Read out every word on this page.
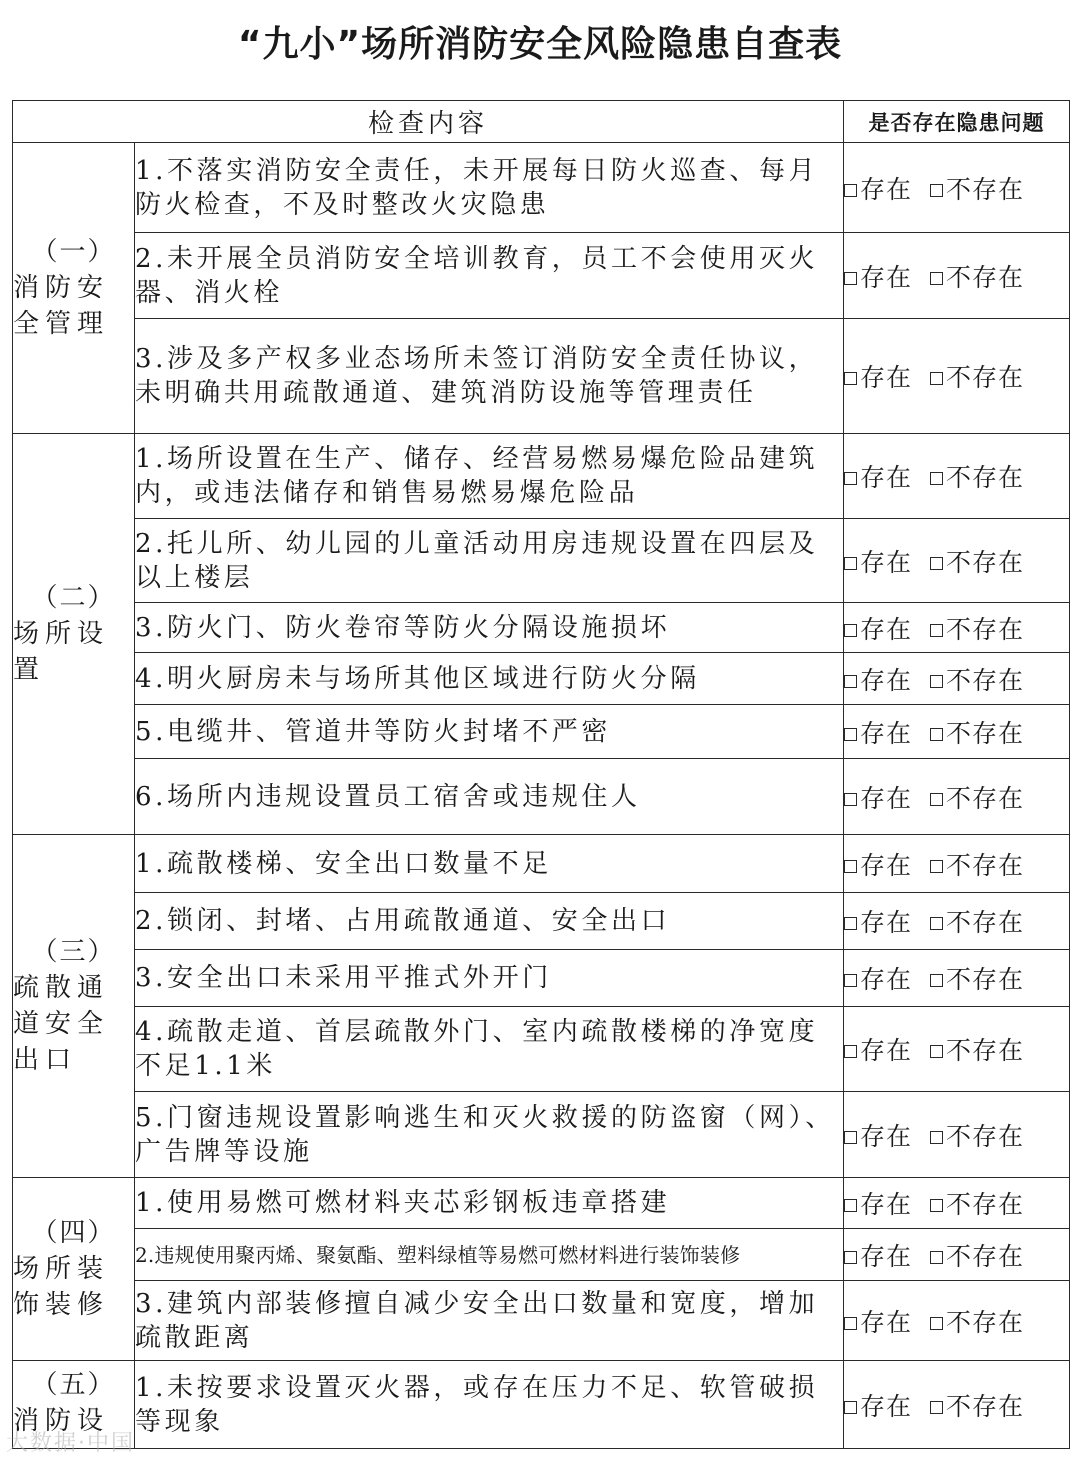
“九小”场所消防安全风险隐患自查表
检查内容		是否存在隐患问题

（一）
消防安全管理	1.不落实消防安全责任，未开展每日防火巡查、每月防火检查，不及时整改火灾隐患	存在 不存在
	2.未开展全员消防安全培训教育，员工不会使用灭火器、消火栓	存在 不存在
	3.涉及多产权多业态场所未签订消防安全责任协议，未明确共用疏散通道、建筑消防设施等管理责任	存在 不存在

（二）
场所设置	1.场所设置在生产、储存、经营易燃易爆危险品建筑内，或违法储存和销售易燃易爆危险品	存在 不存在
	2.托儿所、幼儿园的儿童活动用房违规设置在四层及以上楼层	存在 不存在
	3.防火门、防火卷帘等防火分隔设施损坏	存在 不存在
	4.明火厨房未与场所其他区域进行防火分隔	存在 不存在
	5.电缆井、管道井等防火封堵不严密	存在 不存在
	6.场所内违规设置员工宿舍或违规住人	存在 不存在

（三）
疏散通道安全出口	1.疏散楼梯、安全出口数量不足	存在 不存在
	2.锁闭、封堵、占用疏散通道、安全出口	存在 不存在
	3.安全出口未采用平推式外开门	存在 不存在
	4.疏散走道、首层疏散外门、室内疏散楼梯的净宽度不足1.1米	存在 不存在
	5.门窗违规设置影响逃生和灭火救援的防盗窗（网）、广告牌等设施	存在 不存在

（四）
场所装饰装修	1.使用易燃可燃材料夹芯彩钢板违章搭建	存在 不存在
	2.违规使用聚丙烯、聚氨酯、塑料绿植等易燃可燃材料进行装饰装修	存在 不存在
	3.建筑内部装修擅自减少安全出口数量和宽度，增加疏散距离	存在 不存在

（五）
消防设	1.未按要求设置灭火器，或存在压力不足、软管破损等现象	存在 不存在
大数据·中国
